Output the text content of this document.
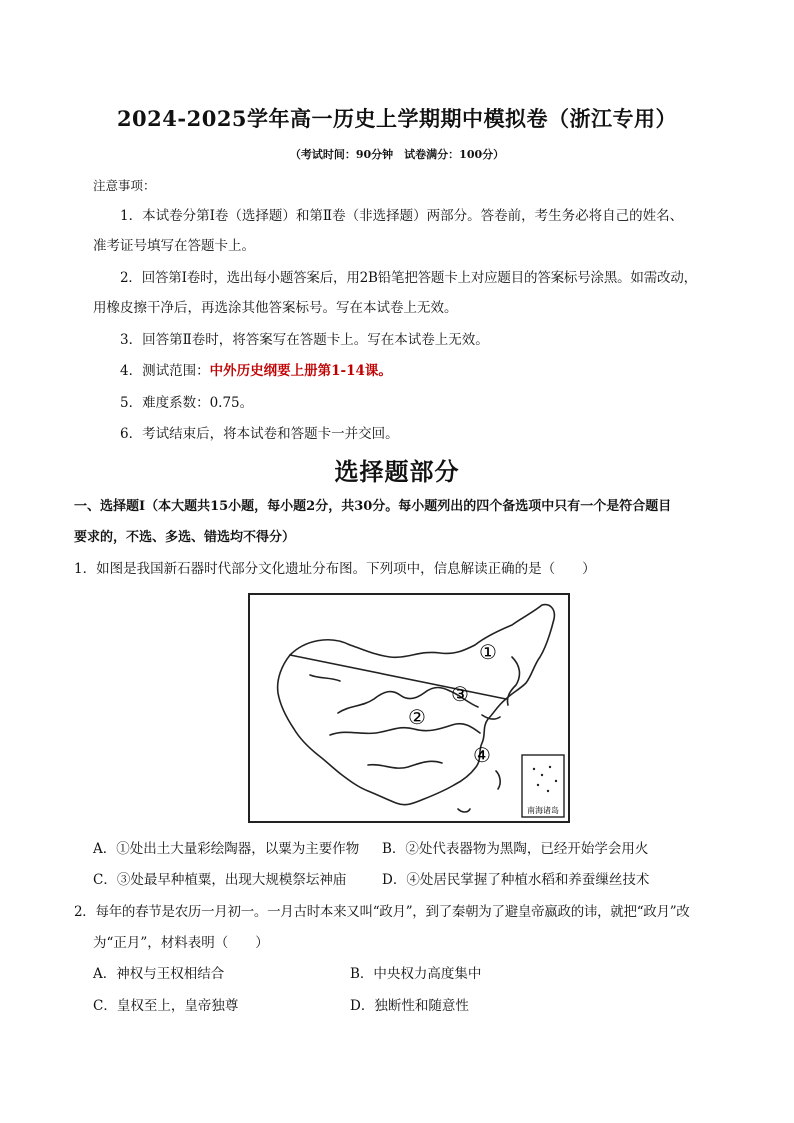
2024-2025学年高一历史上学期期中模拟卷（浙江专用）
（考试时间：90分钟　试卷满分：100分）
注意事项：
1．本试卷分第Ⅰ卷（选择题）和第Ⅱ卷（非选择题）两部分。答卷前，考生务必将自己的姓名、
准考证号填写在答题卡上。
2．回答第Ⅰ卷时，选出每小题答案后，用2B铅笔把答题卡上对应题目的答案标号涂黑。如需改动，
用橡皮擦干净后，再选涂其他答案标号。写在本试卷上无效。
3．回答第Ⅱ卷时，将答案写在答题卡上。写在本试卷上无效。
4．测试范围：中外历史纲要上册第1-14课。
5．难度系数：0.75。
6．考试结束后，将本试卷和答题卡一并交回。
选择题部分
一、选择题Ⅰ（本大题共15小题，每小题2分，共30分。每小题列出的四个备选项中只有一个是符合题目
要求的，不选、多选、错选均不得分）
1．如图是我国新石器时代部分文化遗址分布图。下列项中，信息解读正确的是（　　）
南海诸岛
①
②
③
④
A．①处出土大量彩绘陶器，以粟为主要作物 B．②处代表器物为黑陶，已经开始学会用火
C．③处最早种植粟，出现大规模祭坛神庙	D．④处居民掌握了种植水稻和养蚕缫丝技术
2．每年的春节是农历一月初一。一月古时本来又叫“政月”，到了秦朝为了避皇帝嬴政的讳，就把“政月”改
为“正月”，材料表明（　　）
A．神权与王权相结合	B．中央权力高度集中
C．皇权至上，皇帝独尊	D．独断性和随意性
